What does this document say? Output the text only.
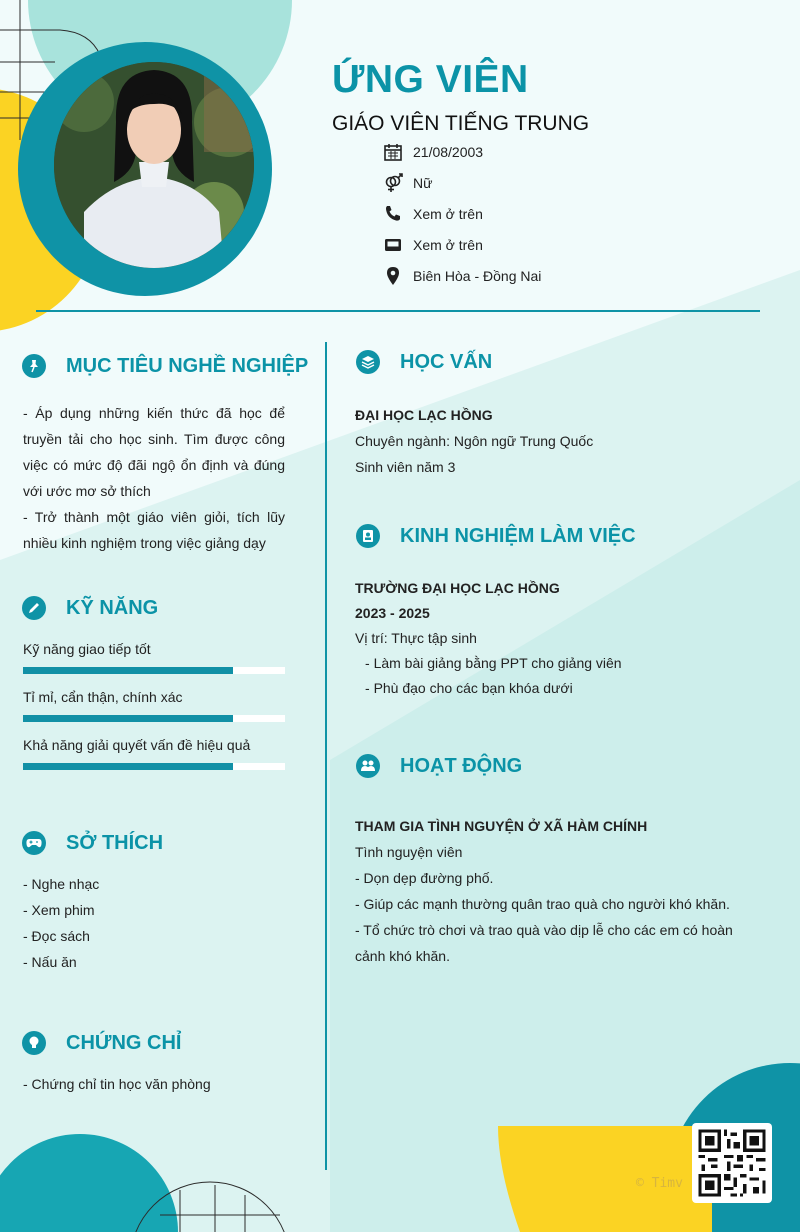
ỨNG VIÊN
GIÁO VIÊN TIẾNG TRUNG
21/08/2003
Nữ
Xem ở trên
Xem ở trên
Biên Hòa - Đồng Nai
MỤC TIÊU NGHỀ NGHIỆP
- Áp dụng những kiến thức đã học để truyền tải cho học sinh. Tìm được công việc có mức độ đãi ngộ ổn định và đúng với ước mơ sở thích
- Trở thành một giáo viên giỏi, tích lũy nhiều kinh nghiệm trong việc giảng dạy
KỸ NĂNG
Kỹ năng giao tiếp tốt
Tỉ mỉ, cẩn thận, chính xác
Khả năng giải quyết vấn đề hiệu quả
SỞ THÍCH
- Nghe nhạc
- Xem phim
- Đọc sách
- Nấu ăn
CHỨNG CHỈ
- Chứng chỉ tin học văn phòng
HỌC VẤN
ĐẠI HỌC LẠC HỒNG
Chuyên ngành: Ngôn ngữ Trung Quốc
Sinh viên năm 3
KINH NGHIỆM LÀM VIỆC
TRƯỜNG ĐẠI HỌC LẠC HỒNG
2023 - 2025
Vị trí: Thực tập sinh
- Làm bài giảng bằng PPT cho giảng viên
- Phù đạo cho các bạn khóa dưới
HOẠT ĐỘNG
THAM GIA TÌNH NGUYỆN Ở XÃ HÀM CHÍNH
Tình nguyện viên
- Dọn dẹp đường phố.
- Giúp các mạnh thường quân trao quà cho người khó khăn.
- Tổ chức trò chơi và trao quà vào dịp lễ cho các em có hoàn cảnh khó khăn.
© Timv
